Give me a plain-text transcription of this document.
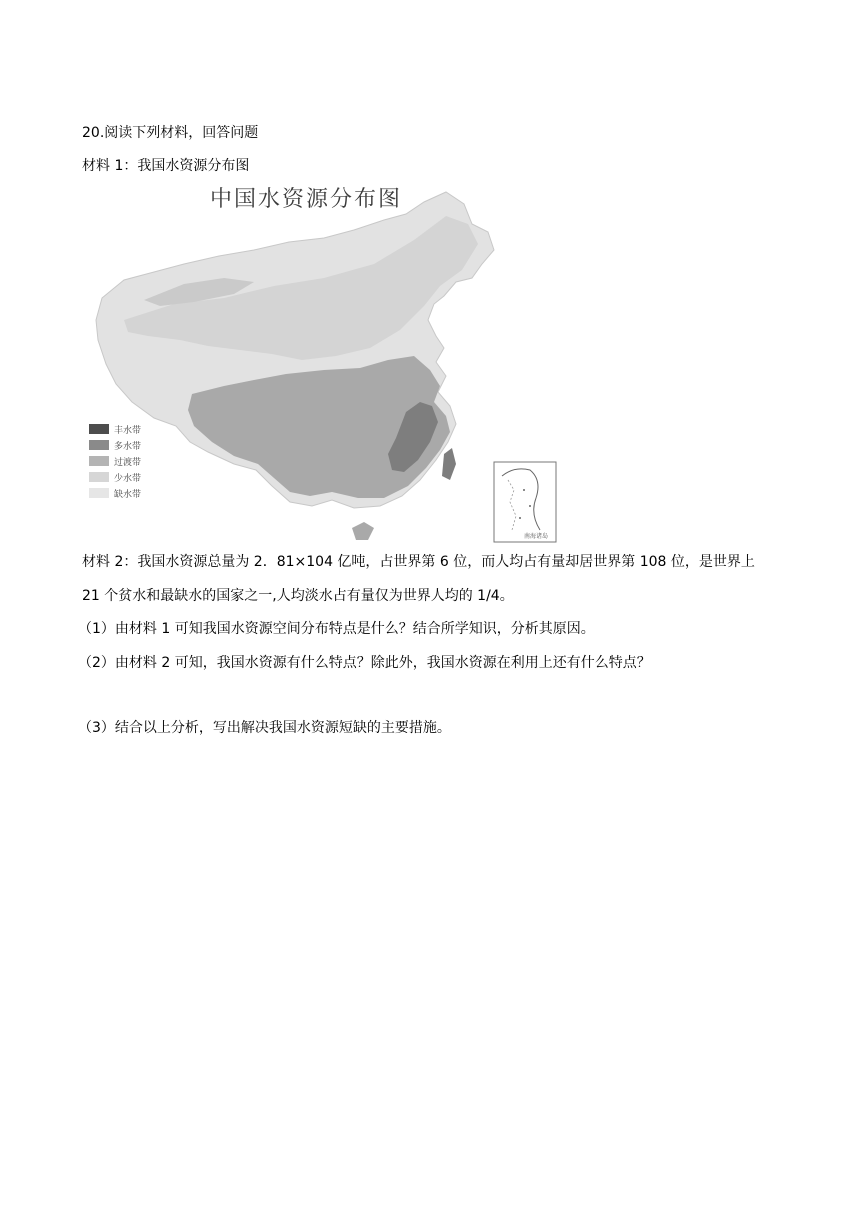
20.阅读下列材料，回答问题
材料 1：我国水资源分布图
中国水资源分布图
丰水带
多水带
过渡带
少水带
缺水带
南海诸岛
材料 2：我国水资源总量为 2．81×104 亿吨，占世界第 6 位，而人均占有量却居世界第 108 位，是世界上
21 个贫水和最缺水的国家之一,人均淡水占有量仅为世界人均的 1/4。
（1）由材料 1 可知我国水资源空间分布特点是什么？结合所学知识，分析其原因。
（2）由材料 2 可知，我国水资源有什么特点？除此外，我国水资源在利用上还有什么特点？
（3）结合以上分析，写出解决我国水资源短缺的主要措施。
